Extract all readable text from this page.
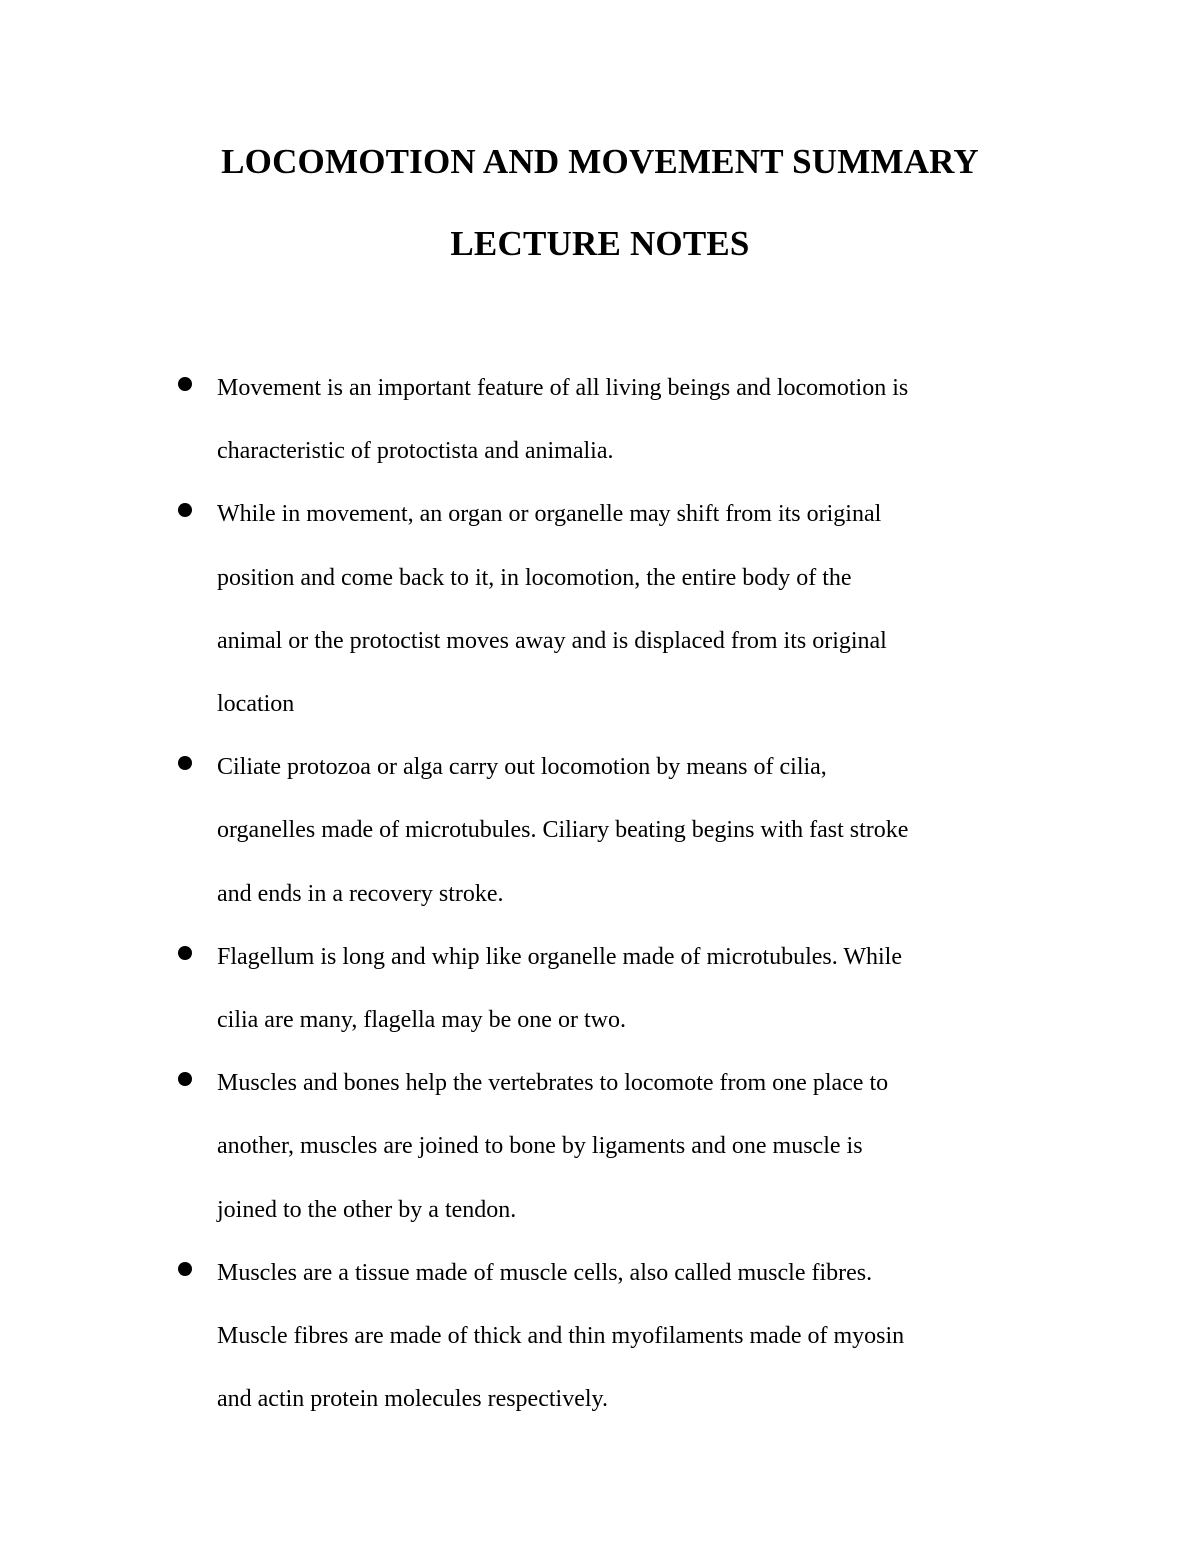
LOCOMOTION AND MOVEMENT SUMMARY
LECTURE NOTES
Movement is an important feature of all living beings and locomotion is
characteristic of protoctista and animalia.
While in movement, an organ or organelle may shift from its original
position and come back to it, in locomotion, the entire body of the
animal or the protoctist moves away and is displaced from its original
location
Ciliate protozoa or alga carry out locomotion by means of cilia,
organelles made of microtubules. Ciliary beating begins with fast stroke
and ends in a recovery stroke.
Flagellum is long and whip like organelle made of microtubules. While
cilia are many, flagella may be one or two.
Muscles and bones help the vertebrates to locomote from one place to
another, muscles are joined to bone by ligaments and one muscle is
joined to the other by a tendon.
Muscles are a tissue made of muscle cells, also called muscle fibres.
Muscle fibres are made of thick and thin myofilaments made of myosin
and actin protein molecules respectively.
